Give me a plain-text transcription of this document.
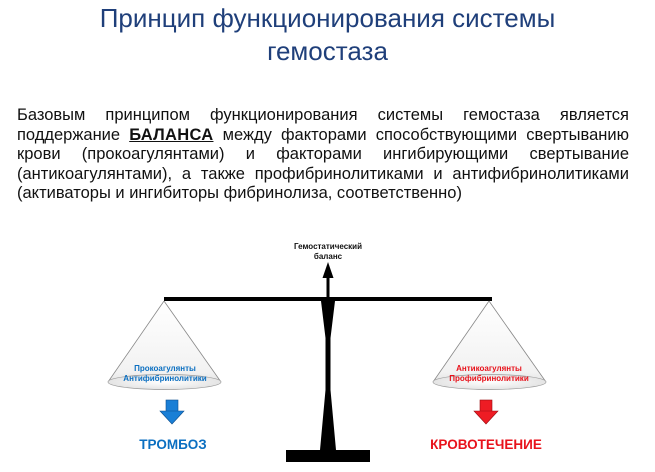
Принцип функционирования системы
гемостаза
Базовым принципом функционирования системы гемостаза является поддержание БАЛАНСА между факторами способствующими свертыванию крови (прокоагулянтами) и факторами ингибирующими свертывание (антикоагулянтами), а также профибринолитиками и антифибринолитиками (активаторы и ингибиторы фибринолиза, соответственно)
Гемостатический
баланс
Прокоагулянты
Антифибринолитики
Антикоагулянты
Профибринолитики
ТРОМБОЗ	КРОВОТЕЧЕНИЕ
